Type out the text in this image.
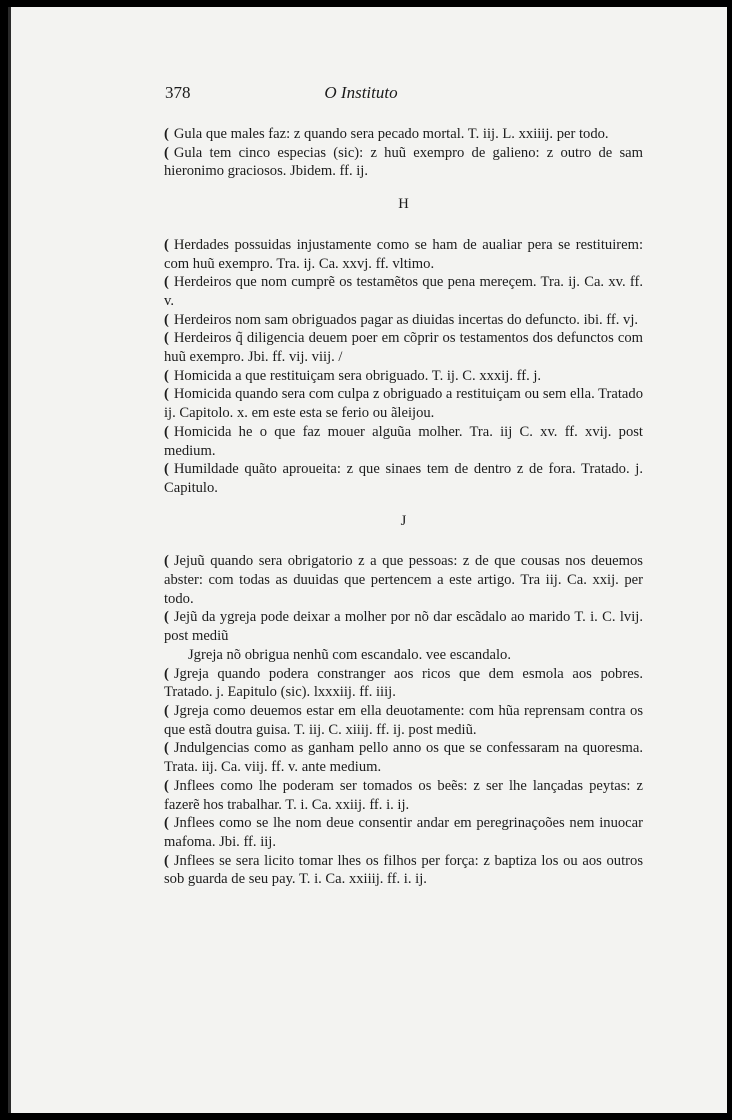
378	O Instituto

( Gula que males faz: z quando sera pecado mortal. T. iij. L. xxiiij. per todo.

( Gula tem cinco especias (sic): z huũ exempro de galieno: z outro de sam hieronimo graciosos. Jbidem. ff. ij.

H

( Herdades possuidas injustamente como se ham de aualiar pera se restituirem: com huũ exempro. Tra. ij. Ca. xxvj. ff. vltimo.

( Herdeiros que nom cumprẽ os testamẽtos que pena mereçem. Tra. ij. Ca. xv. ff. v.

( Herdeiros nom sam obriguados pagar as diuidas incertas do defuncto. ibi. ff. vj.

( Herdeiros q̃ diligencia deuem poer em cõprir os testamentos dos defunctos com huũ exempro. Jbi. ff. vij. viij. /

( Homicida a que restituiçam sera obriguado. T. ij. C. xxxij. ff. j.

( Homicida quando sera com culpa z obriguado a restituiçam ou sem ella. Tratado ij. Capitolo. x. em este esta se ferio ou ãleijou.

( Homicida he o que faz mouer alguũa molher. Tra. iij C. xv. ff. xvij. post medium.

( Humildade quãto aproueita: z que sinaes tem de dentro z de fora. Tratado. j. Capitulo.

J

( Jejuũ quando sera obrigatorio z a que pessoas: z de que cousas nos deuemos abster: com todas as duuidas que pertencem a este artigo. Tra iij. Ca. xxij. per todo.

( Jejũ da ygreja pode deixar a molher por nõ dar escãdalo ao marido T. i. C. lvij. post mediũ

Jgreja nõ obrigua nenhũ com escandalo. vee escandalo.

( Jgreja quando podera constranger aos ricos que dem esmola aos pobres. Tratado. j. Eapitulo (sic). lxxxiij. ff. iiij.

( Jgreja como deuemos estar em ella deuotamente: com hũa reprensam contra os que estã doutra guisa. T. iij. C. xiiij. ff. ij. post mediũ.

( Jndulgencias como as ganham pello anno os que se confessaram na quoresma. Trata. iij. Ca. viij. ff. v. ante medium.

( Jnflees como lhe poderam ser tomados os beẽs: z ser lhe lançadas peytas: z fazerẽ hos trabalhar. T. i. Ca. xxiij. ff. i. ij.

( Jnflees como se lhe nom deue consentir andar em peregrinaçoões nem inuocar mafoma. Jbi. ff. iij.

( Jnflees se sera licito tomar lhes os filhos per força: z baptiza los ou aos outros sob guarda de seu pay. T. i. Ca. xxiiij. ff. i. ij.
